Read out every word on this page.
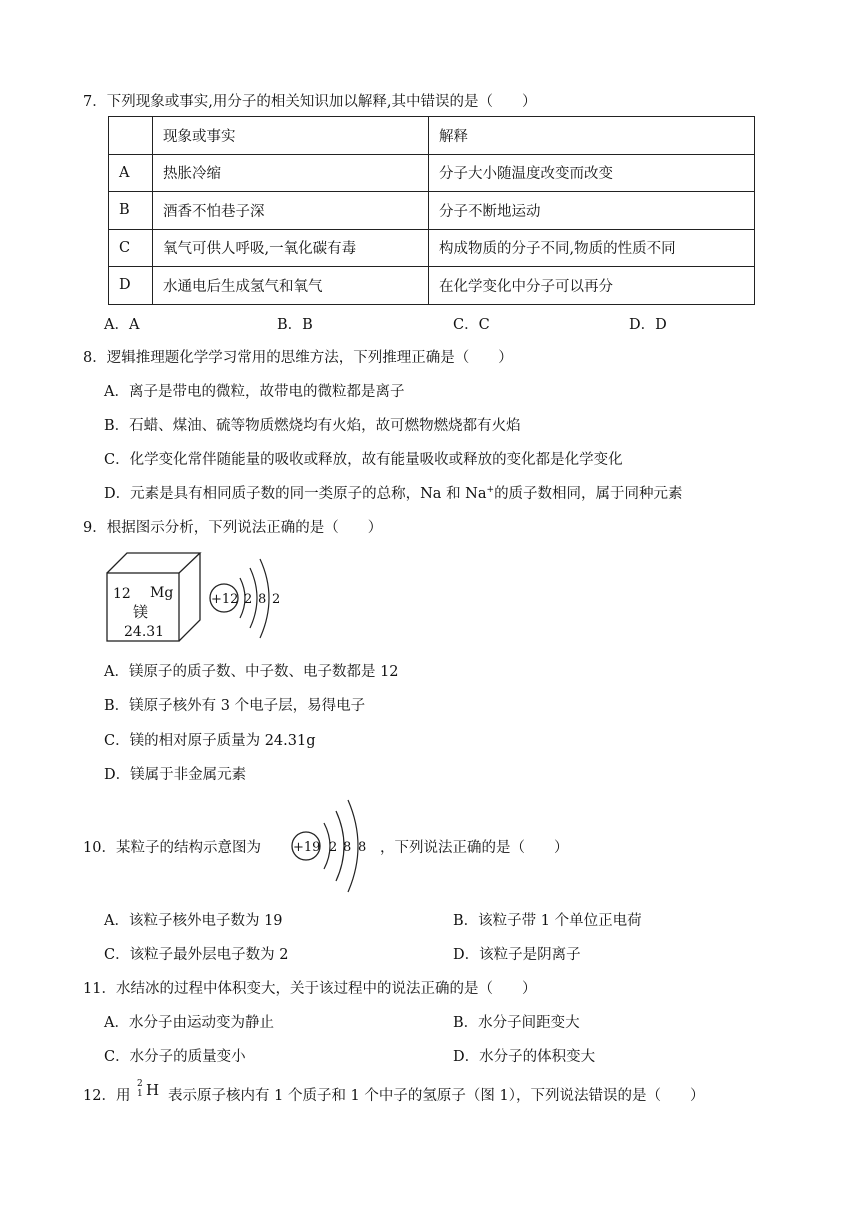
7．下列现象或事实,用分子的相关知识加以解释,其中错误的是（　　）
	现象或事实	解释
A	热胀冷缩	分子大小随温度改变而改变
B	酒香不怕巷子深	分子不断地运动
C	氧气可供人呼吸,一氧化碳有毒	构成物质的分子不同,物质的性质不同
D	水通电后生成氢气和氧气	在化学变化中分子可以再分
A．A	B．B	C．C	D．D
8．逻辑推理题化学学习常用的思维方法，下列推理正确是（　　）
A．离子是带电的微粒，故带电的微粒都是离子
B．石蜡、煤油、硫等物质燃烧均有火焰，故可燃物燃烧都有火焰
C．化学变化常伴随能量的吸收或释放，故有能量吸收或释放的变化都是化学变化
D．元素是具有相同质子数的同一类原子的总称，Na 和 Na+的质子数相同，属于同种元素
9．根据图示分析，下列说法正确的是（　　）
12 Mg
镁
24.31
+12 2 8 2
A．镁原子的质子数、中子数、电子数都是 12
B．镁原子核外有 3 个电子层，易得电子
C．镁的相对原子质量为 24.31g
D．镁属于非金属元素
10．某粒子的结构示意图为 +19 2 8 8 ，下列说法正确的是（　　）
A．该粒子核外电子数为 19	B．该粒子带 1 个单位正电荷
C．该粒子最外层电子数为 2	D．该粒子是阴离子
11．水结冰的过程中体积变大，关于该过程中的说法正确的是（　　）
A．水分子由运动变为静止	B．水分子间距变大
C．水分子的质量变小	D．水分子的体积变大
12．用
2
1 H 表示原子核内有 1 个质子和 1 个中子的氢原子（图 1），下列说法错误的是（　　）
